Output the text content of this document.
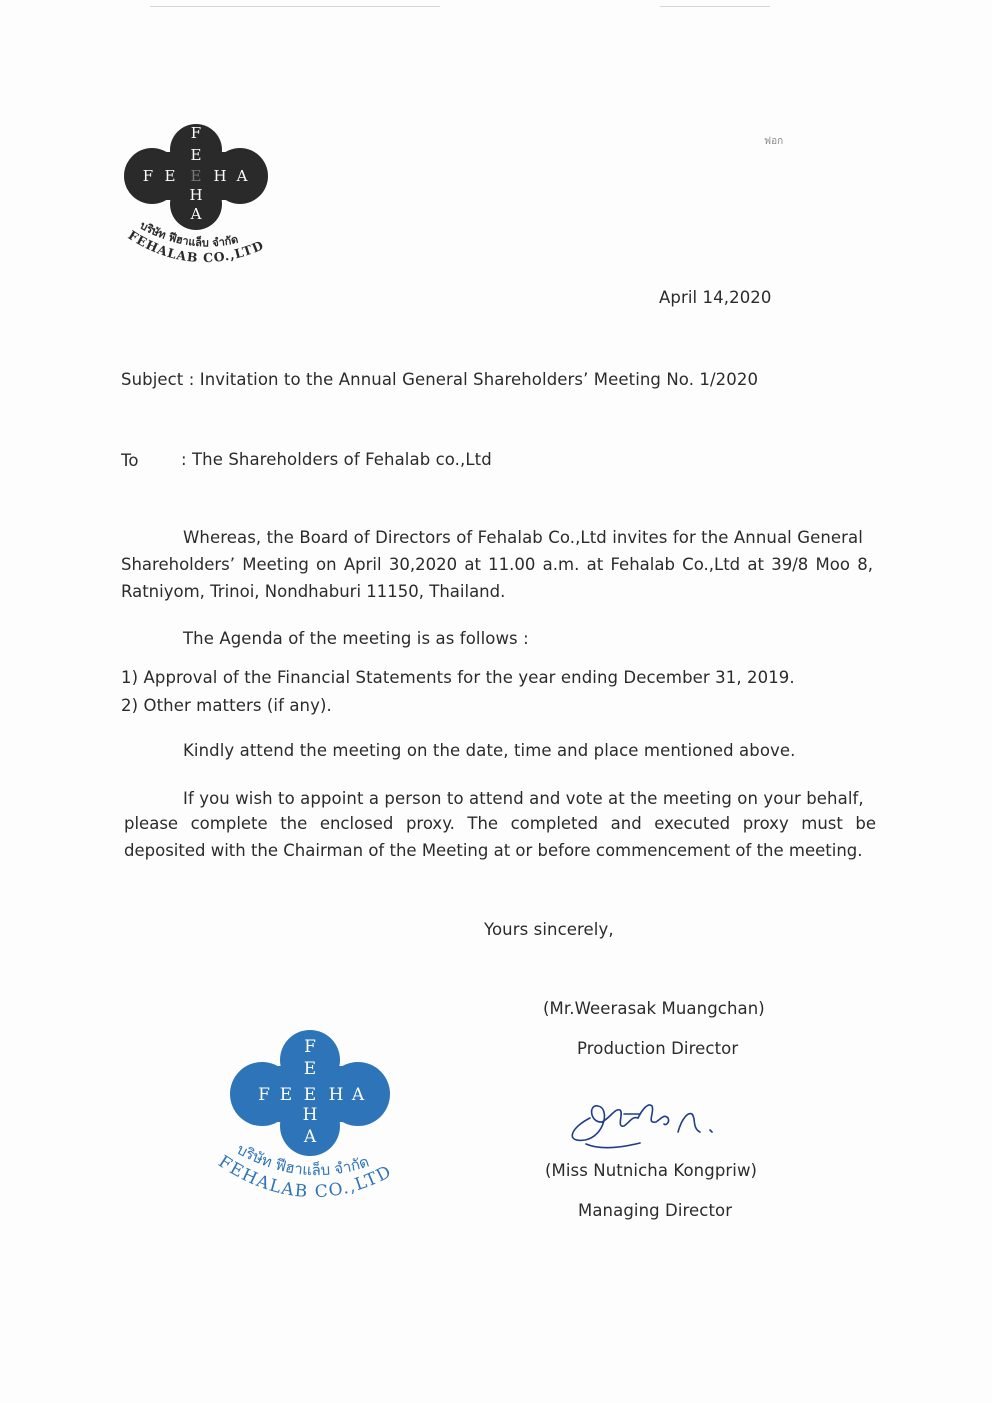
F
E
H
A
F E E H A
บริษัท ฟีฮาแล็บ จำกัด
FEHALAB CO.,LTD
ฟอก
April 14,2020
Subject : Invitation to the Annual General Shareholders’ Meeting No. 1/2020
To	: The Shareholders of Fehalab co.,Ltd
Whereas, the Board of Directors of Fehalab Co.,Ltd invites for the Annual General
Shareholders’ Meeting on April 30,2020 at 11.00 a.m. at Fehalab Co.,Ltd at 39/8 Moo 8, Ratniyom, Trinoi, Nondhaburi 11150, Thailand.
The Agenda of the meeting is as follows :
1) Approval of the Financial Statements for the year ending December 31, 2019.
2) Other matters (if any).
Kindly attend the meeting on the date, time and place mentioned above.
If you wish to appoint a person to attend and vote at the meeting on your behalf,
please complete the enclosed proxy. The completed and executed proxy must be deposited with the Chairman of the Meeting at or before commencement of the meeting.
Yours sincerely,
(Mr.Weerasak Muangchan)
Production Director
(Miss Nutnicha Kongpriw)
Managing Director
F
E
H
A
F E E H A
บริษัท ฟีฮาแล็บ จำกัด
FEHALAB CO.,LTD
